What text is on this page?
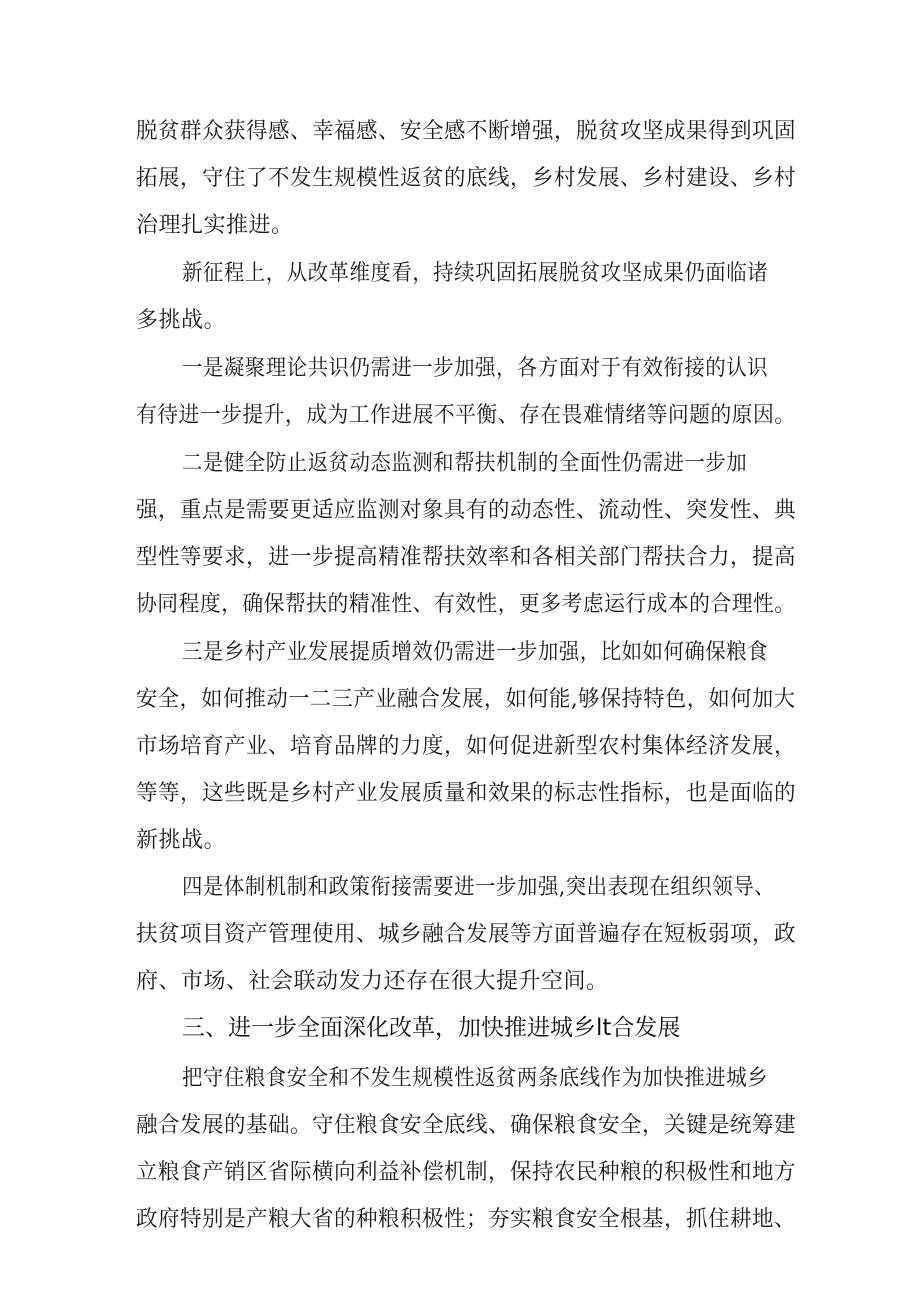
脱贫群众获得感、幸福感、安全感不断增强，脱贫攻坚成果得到巩固
拓展，守住了不发生规模性返贫的底线，乡村发展、乡村建设、乡村
治理扎实推进。
新征程上，从改革维度看，持续巩固拓展脱贫攻坚成果仍面临诸
多挑战。
一是凝聚理论共识仍需进一步加强，各方面对于有效衔接的认识
有待进一步提升，成为工作进展不平衡、存在畏难情绪等问题的原因。
二是健全防止返贫动态监测和帮扶机制的全面性仍需进一步加
强，重点是需要更适应监测对象具有的动态性、流动性、突发性、典
型性等要求，进一步提高精准帮扶效率和各相关部门帮扶合力，提高
协同程度，确保帮扶的精准性、有效性，更多考虑运行成本的合理性。
三是乡村产业发展提质增效仍需进一步加强，比如如何确保粮食
安全，如何推动一二三产业融合发展，如何能,够保持特色，如何加大
市场培育产业、培育品牌的力度，如何促进新型农村集体经济发展，
等等，这些既是乡村产业发展质量和效果的标志性指标，也是面临的
新挑战。
四是体制机制和政策衔接需要进一步加强,突出表现在组织领导、
扶贫项目资产管理使用、城乡融合发展等方面普遍存在短板弱项，政
府、市场、社会联动发力还存在很大提升空间。
三、进一步全面深化改革，加快推进城乡lt合发展
把守住粮食安全和不发生规模性返贫两条底线作为加快推进城乡
融合发展的基础。守住粮食安全底线、确保粮食安全，关键是统筹建
立粮食产销区省际横向利益补偿机制，保持农民种粮的积极性和地方
政府特别是产粮大省的种粮积极性；夯实粮食安全根基，抓住耕地、
